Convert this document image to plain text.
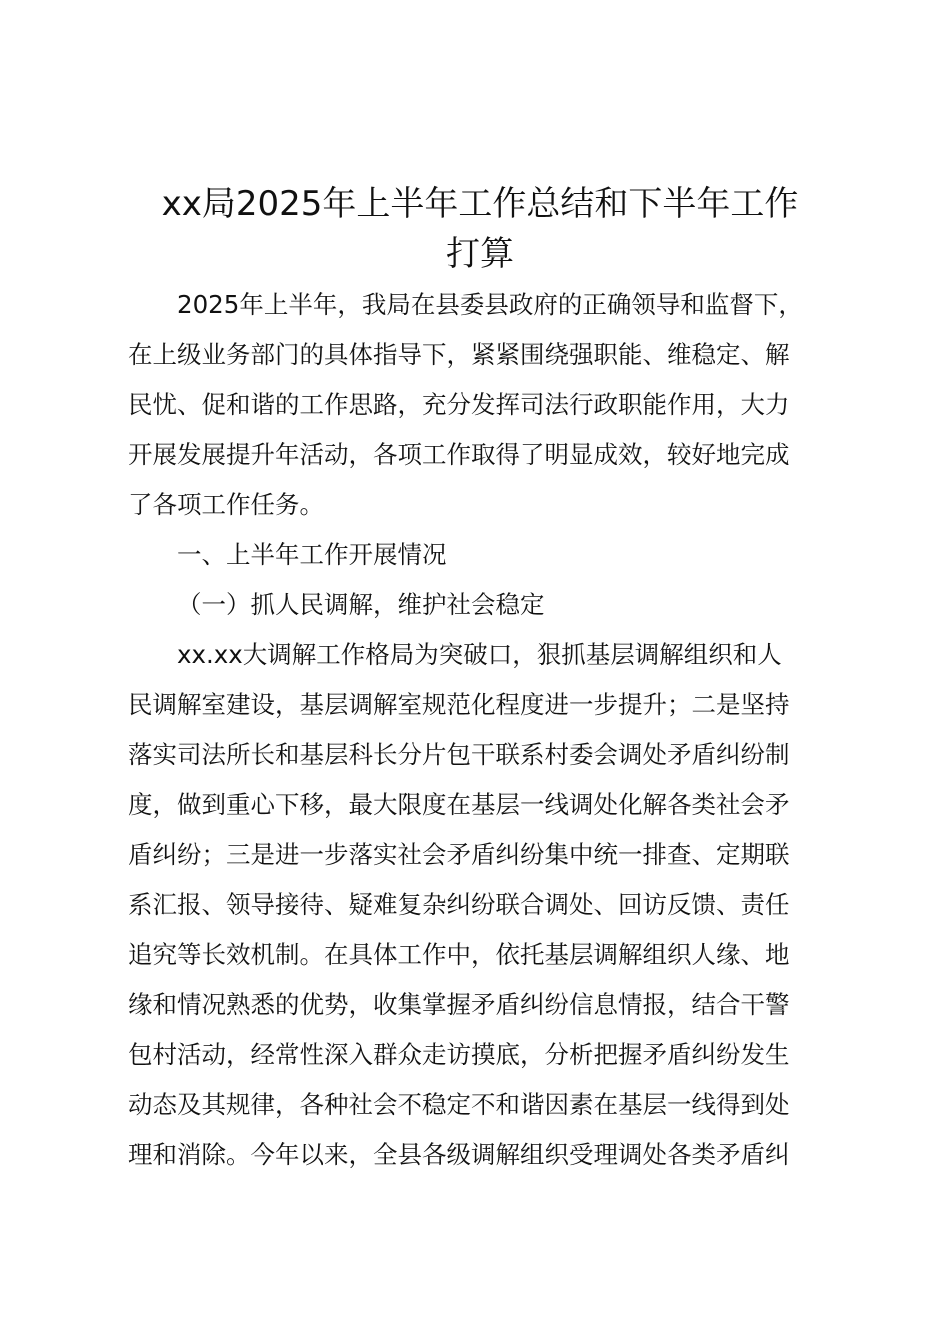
xx局2025年上半年工作总结和下半年工作
打算
2025年上半年，我局在县委县政府的正确领导和监督下，
在上级业务部门的具体指导下，紧紧围绕强职能、维稳定、解
民忧、促和谐的工作思路，充分发挥司法行政职能作用，大力
开展发展提升年活动，各项工作取得了明显成效，较好地完成
了各项工作任务。
一、上半年工作开展情况
（一）抓人民调解，维护社会稳定
xx.xx大调解工作格局为突破口，狠抓基层调解组织和人
民调解室建设，基层调解室规范化程度进一步提升；二是坚持
落实司法所长和基层科长分片包干联系村委会调处矛盾纠纷制
度，做到重心下移，最大限度在基层一线调处化解各类社会矛
盾纠纷；三是进一步落实社会矛盾纠纷集中统一排查、定期联
系汇报、领导接待、疑难复杂纠纷联合调处、回访反馈、责任
追究等长效机制。在具体工作中，依托基层调解组织人缘、地
缘和情况熟悉的优势，收集掌握矛盾纠纷信息情报，结合干警
包村活动，经常性深入群众走访摸底，分析把握矛盾纠纷发生
动态及其规律，各种社会不稳定不和谐因素在基层一线得到处
理和消除。今年以来，全县各级调解组织受理调处各类矛盾纠
